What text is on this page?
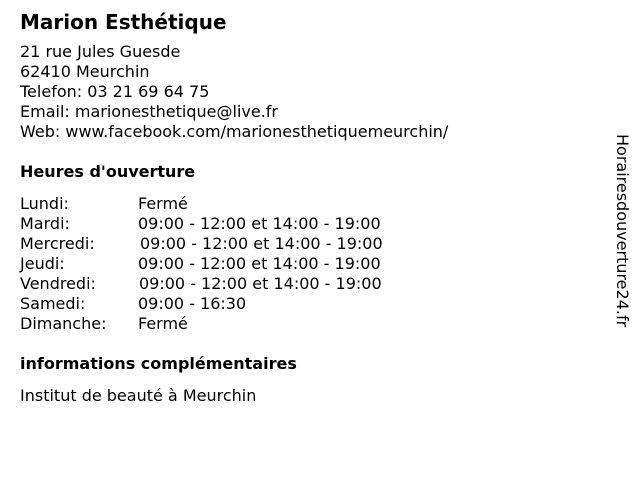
Marion Esthétique
21 rue Jules Guesde
62410 Meurchin
Telefon: 03 21 69 64 75
Email: marionesthetique@live.fr
Web: www.facebook.com/marionesthetiquemeurchin/
Heures d'ouverture
Lundi:	Fermé
Mardi:	09:00 - 12:00 et 14:00 - 19:00
Mercredi:	09:00 - 12:00 et 14:00 - 19:00
Jeudi:	09:00 - 12:00 et 14:00 - 19:00
Vendredi:	09:00 - 12:00 et 14:00 - 19:00
Samedi:	09:00 - 16:30
Dimanche:	Fermé
informations complémentaires
Institut de beauté à Meurchin
Horairesdouverture24.fr
